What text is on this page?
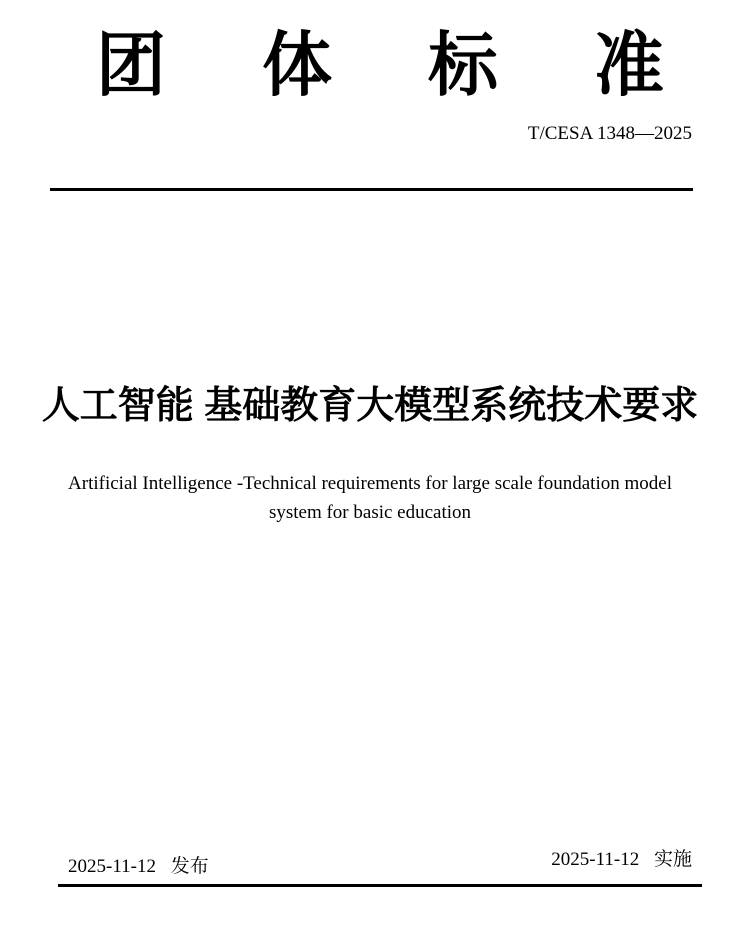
团 体 标 准
T/CESA 1348—2025
人工智能 基础教育大模型系统技术要求
Artificial Intelligence -Technical requirements for large scale foundation model
system for basic education
2025-11-12 发布	2025-11-12 实施
